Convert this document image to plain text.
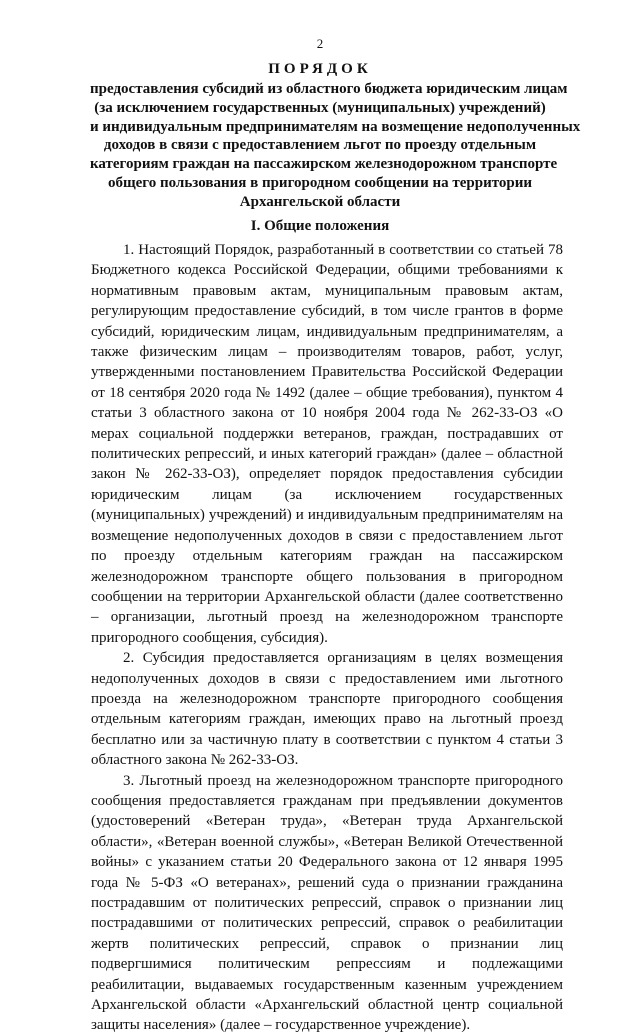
2
ПОРЯДОК
предоставления субсидий из областного бюджета юридическим лицам
(за исключением государственных (муниципальных) учреждений)
и индивидуальным предпринимателям на возмещение недополученных
доходов в связи с предоставлением льгот по проезду отдельным
категориям граждан на пассажирском железнодорожном транспорте
общего пользования в пригородном сообщении на территории
Архангельской области
I. Общие положения

1. Настоящий Порядок, разработанный в соответствии со статьей 78 Бюджетного кодекса Российской Федерации, общими требованиями к нормативным правовым актам, муниципальным правовым актам, регулирующим предоставление субсидий, в том числе грантов в форме субсидий, юридическим лицам, индивидуальным предпринимателям, а также физическим лицам – производителям товаров, работ, услуг, утвержденными постановлением Правительства Российской Федерации от 18 сентября 2020 года № 1492 (далее – общие требования), пунктом 4 статьи 3 областного закона от 10 ноября 2004 года № 262-33-ОЗ «О мерах социальной поддержки ветеранов, граждан, пострадавших от политических репрессий, и иных категорий граждан» (далее – областной закон № 262-33-ОЗ), определяет порядок предоставления субсидии юридическим лицам (за исключением государственных (муниципальных) учреждений) и индивидуальным предпринимателям на возмещение недополученных доходов в связи с предоставлением льгот по проезду отдельным категориям граждан на пассажирском железнодорожном транспорте общего пользования в пригородном сообщении на территории Архангельской области (далее соответственно – организации, льготный проезд на железнодорожном транспорте пригородного сообщения, субсидия).

2. Субсидия предоставляется организациям в целях возмещения недополученных доходов в связи с предоставлением ими льготного проезда на железнодорожном транспорте пригородного сообщения отдельным категориям граждан, имеющих право на льготный проезд бесплатно или за частичную плату в соответствии с пунктом 4 статьи 3 областного закона № 262-33-ОЗ.

3. Льготный проезд на железнодорожном транспорте пригородного сообщения предоставляется гражданам при предъявлении документов (удостоверений «Ветеран труда», «Ветеран труда Архангельской области», «Ветеран военной службы», «Ветеран Великой Отечественной войны» с указанием статьи 20 Федерального закона от 12 января 1995 года № 5-ФЗ «О ветеранах», решений суда о признании гражданина пострадавшим от политических репрессий, справок о признании лиц пострадавшими от политических репрессий, справок о реабилитации жертв политических репрессий, справок о признании лиц подвергшимися политическим репрессиям и подлежащими реабилитации, выдаваемых государственным казенным учреждением Архангельской области «Архангельский областной центр социальной защиты населения» (далее – государственное учреждение).
